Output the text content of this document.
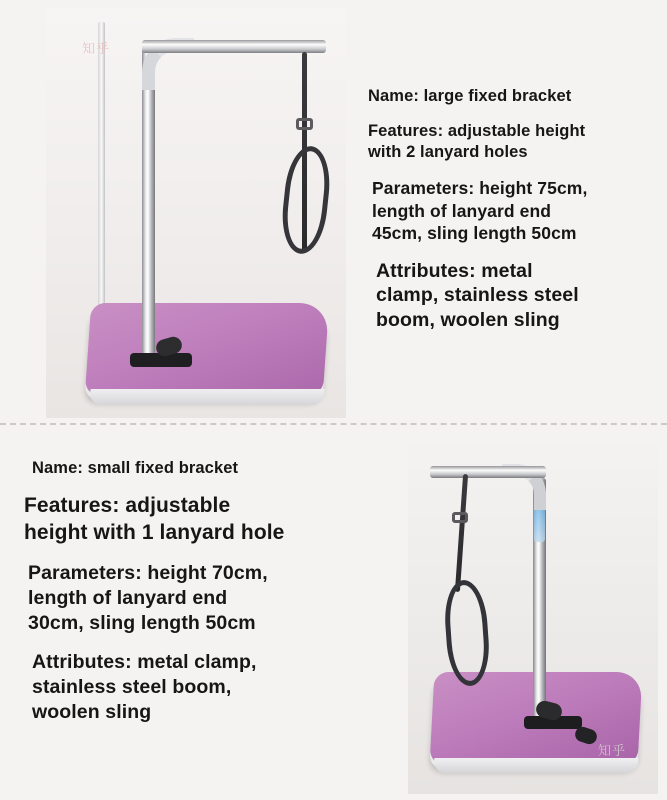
知乎

Name: large fixed bracket

Features: adjustable height
with 2 lanyard holes

Parameters: height 75cm,
length of lanyard end
45cm, sling length 50cm

Attributes: metal
clamp, stainless steel
boom, woolen sling

知乎

Name: small fixed bracket

Features: adjustable
height with 1 lanyard hole

Parameters: height 70cm,
length of lanyard end
30cm, sling length 50cm

Attributes: metal clamp,
stainless steel boom,
woolen sling
